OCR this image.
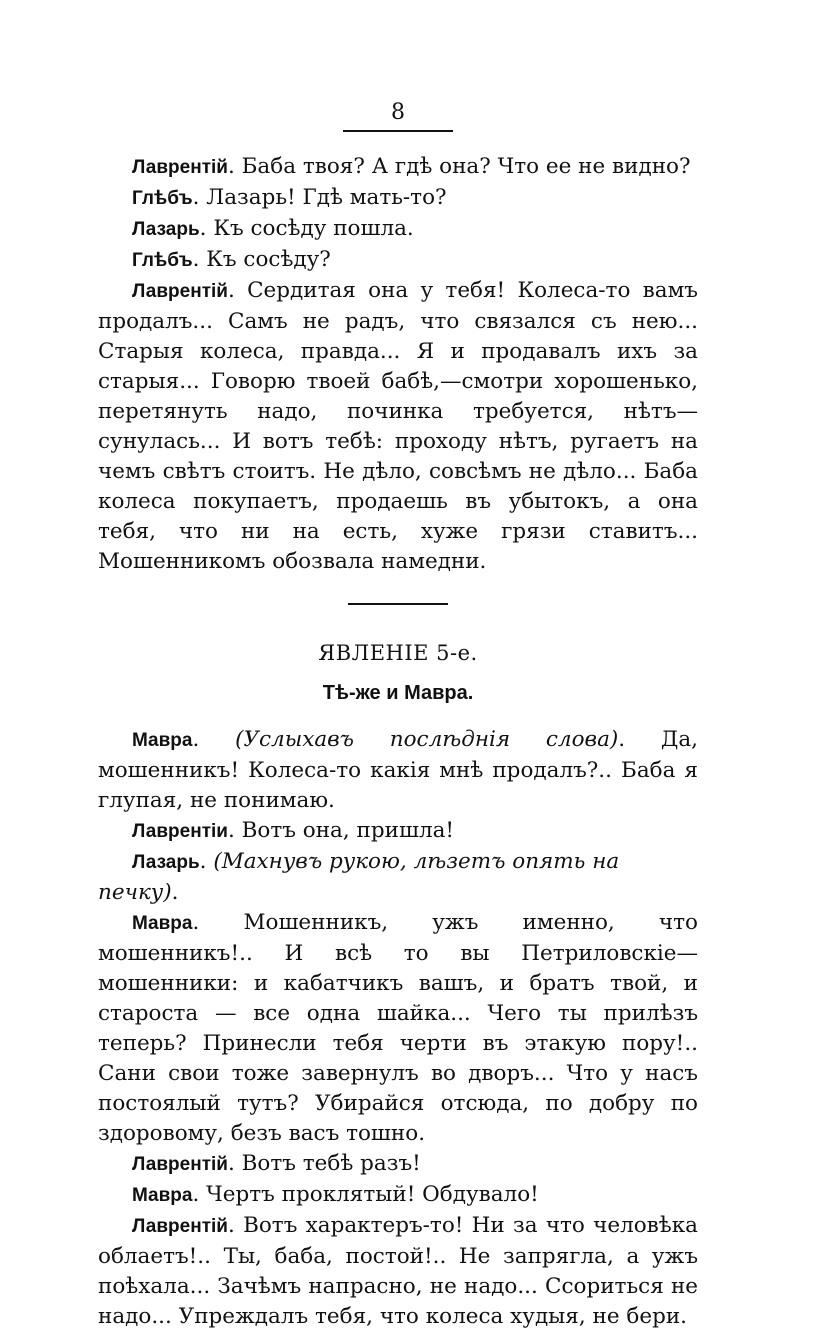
8

Лаврентій. Баба твоя? А гдѣ она? Что ее не видно?

Глѣбъ. Лазарь! Гдѣ мать-то?

Лазарь. Къ сосѣду пошла.

Глѣбъ. Къ сосѣду?

Лаврентій. Сердитая она у тебя! Колеса-то вамъ продалъ... Самъ не радъ, что связался съ нею... Старыя колеса, правда... Я и продавалъ ихъ за старыя... Говорю твоей бабѣ,—смотри хорошенько, перетянуть надо, починка требуется, нѣтъ—сунулась... И вотъ тебѣ: проходу нѣтъ, ругаетъ на чемъ свѣтъ стоитъ. Не дѣло, совсѣмъ не дѣло... Баба колеса покупаетъ, продаешь въ убытокъ, а она тебя, что ни на есть, хуже грязи ставитъ... Мошенникомъ обозвала намедни.

ЯВЛЕНІЕ 5-е.
Тѣ-же и Мавра.

Мавра. (Услыхавъ послѣднія слова). Да, мошенникъ! Колеса-то какія мнѣ продалъ?.. Баба я глупая, не понимаю.

Лаврентіи. Вотъ она, пришла!

Лазарь. (Махнувъ рукою, лѣзетъ опять на печку).

Мавра. Мошенникъ, ужъ именно, что мошенникъ!.. И всѣ то вы Петриловскіе—мошенники: и кабатчикъ вашъ, и братъ твой, и староста — все одна шайка... Чего ты прилѣзъ теперь? Принесли тебя черти въ этакую пору!.. Сани свои тоже завернулъ во дворъ... Что у насъ постоялый тутъ? Убирайся отсюда, по добру по здоровому, безъ васъ тошно.

Лаврентій. Вотъ тебѣ разъ!

Мавра. Чертъ проклятый! Обдувало!

Лаврентій. Вотъ характеръ-то! Ни за что человѣка облаетъ!.. Ты, баба, постой!.. Не запрягла, а ужъ поѣхала... Зачѣмъ напрасно, не надо... Ссориться не надо... Упреждалъ тебя, что колеса худыя, не бери.
